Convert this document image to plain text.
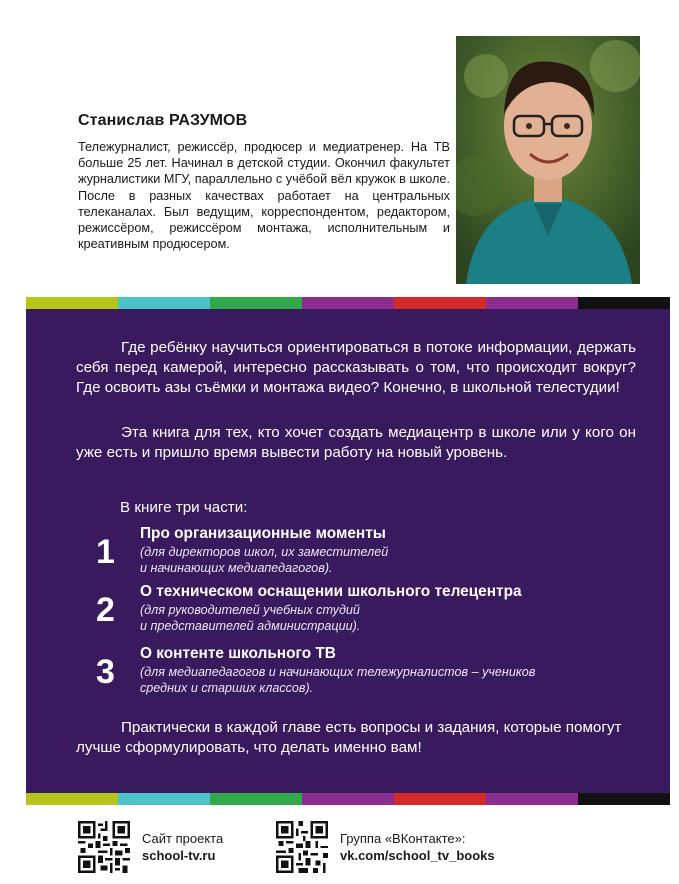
Станислав РАЗУМОВ

Тележурналист, режиссёр, продюсер и медиатренер. На ТВ больше 25 лет. Начинал в детской студии. Окончил факультет журналистики МГУ, параллельно с учёбой вёл кружок в школе. После в разных качествах работает на центральных телеканалах. Был ведущим, корреспондентом, редактором, режиссёром, режиссёром монтажа, исполнительным и креативным продюсером.

Где ребёнку научиться ориентироваться в потоке информации, держать себя перед камерой, интересно рассказывать о том, что происходит вокруг? Где освоить азы съёмки и монтажа видео? Конечно, в школьной телестудии!

Эта книга для тех, кто хочет создать медиацентр в школе или у кого он уже есть и пришло время вывести работу на новый уровень.

В книге три части:

1	Про организационные моменты
(для директоров школ, их заместителей
и начинающих медиапедагогов).
2	О техническом оснащении школьного телецентра
(для руководителей учебных студий
и представителей администрации).
3	О контенте школьного ТВ
(для медиапедагогов и начинающих тележурналистов – учеников
средних и старших классов).

Практически в каждой главе есть вопросы и задания, которые помогут лучше сформулировать, что делать именно вам!

Сайт проекта
school-tv.ru
Группа «ВКонтакте»:
vk.com/school_tv_books
